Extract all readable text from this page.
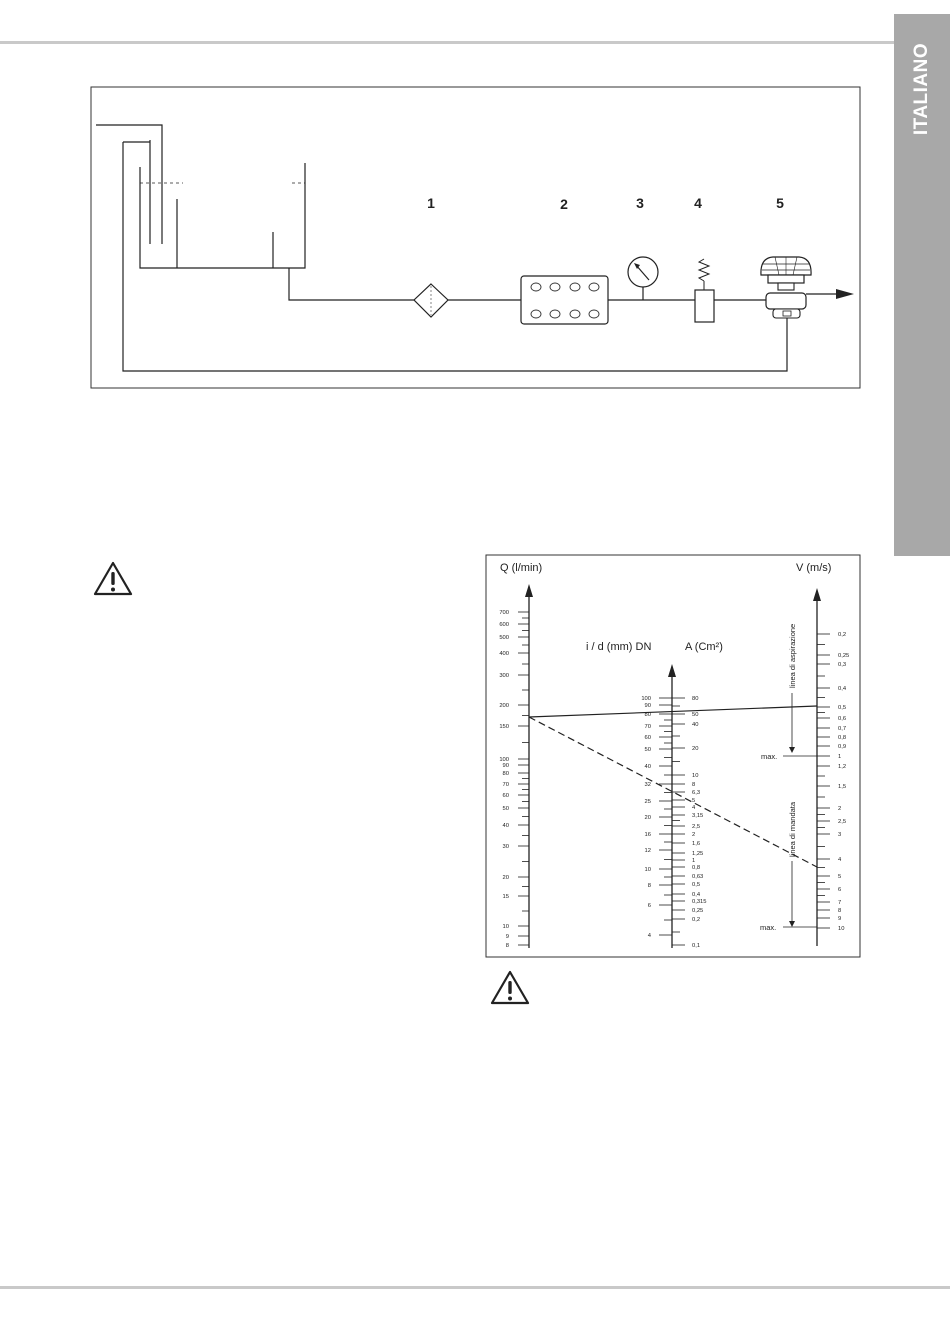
ITALIANO
1	2	3	4	5
Q (l/min)	V (m/s)
i / d (mm) DN	A (Cm²)
700
600
500
400
300
200
150
100
90
80
70
60
50
40
30
20
15
10
9
8
100
90
80
70
60
50
40
32
25
20
16
12
10
8
6
4
80
50
40
20
10
8
6,3
5
4
3,15
2,5
2
1,6
1,25
1
0,8
0,63
0,5
0,4
0,315
0,25
0,2
0,1
0,2
0,25
0,3
0,4
0,5
0,6
0,7
0,8
0,9
1
1,2
1,5
2
2,5
3
4
5
6
7
8
9
10
linea di aspirazione
linea di mandata
max.
max.
